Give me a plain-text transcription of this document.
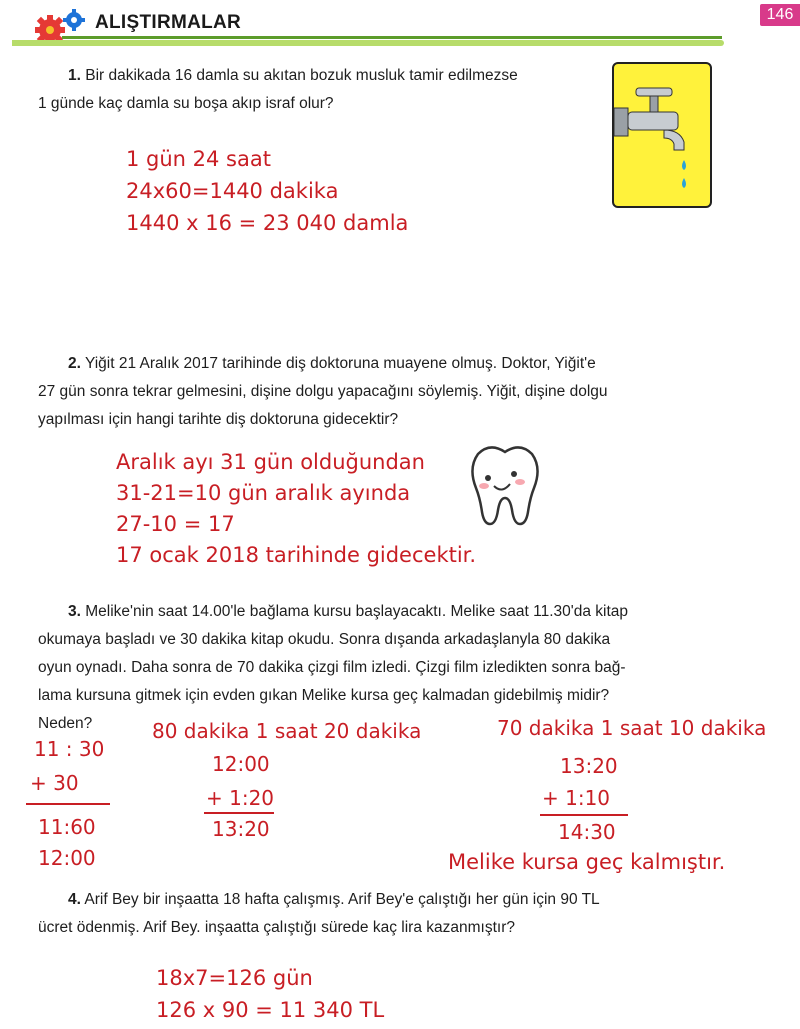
ALIŞTIRMALAR	146
1. Bir dakikada 16 damla su akıtan bozuk musluk tamir edilmezse
1 günde kaç damla su boşa akıp israf olur?
1 gün 24 saat
24x60=1440 dakika
1440 x 16 = 23 040 damla
2. Yiğit 21 Aralık 2017 tarihinde diş doktoruna muayene olmuş. Doktor, Yiğit'e
27 gün sonra tekrar gelmesini, dişine dolgu yapacağını söylemiş. Yiğit, dişine dolgu
yapılması için hangi tarihte diş doktoruna gidecektir?
Aralık ayı 31 gün olduğundan
31-21=10 gün aralık ayında
27-10 = 17
17 ocak 2018 tarihinde gidecektir.
3. Melike'nin saat 14.00'le bağlama kursu başlayacaktı. Melike saat 11.30'da kitap
okumaya başladı ve 30 dakika kitap okudu. Sonra dışanda arkadaşlanyla 80 dakika
oyun oynadı. Daha sonra de 70 dakika çizgi film izledi. Çizgi film izledikten sonra bağ-
lama kursuna gitmek için evden gıkan Melike kursa geç kalmadan gidebilmiş midir?
Neden?
11 : 30
+ 30
11:60
12:00
80 dakika 1 saat 20 dakika
12:00
+ 1:20
13:20
70 dakika 1 saat 10 dakika
13:20
+ 1:10
14:30
Melike kursa geç kalmıştır.
4. Arif Bey bir inşaatta 18 hafta çalışmış. Arif Bey'e çalıştığı her gün için 90 TL
ücret ödenmiş. Arif Bey. inşaatta çalıştığı sürede kaç lira kazanmıştır?
18x7=126 gün
126 x 90 = 11 340 TL
